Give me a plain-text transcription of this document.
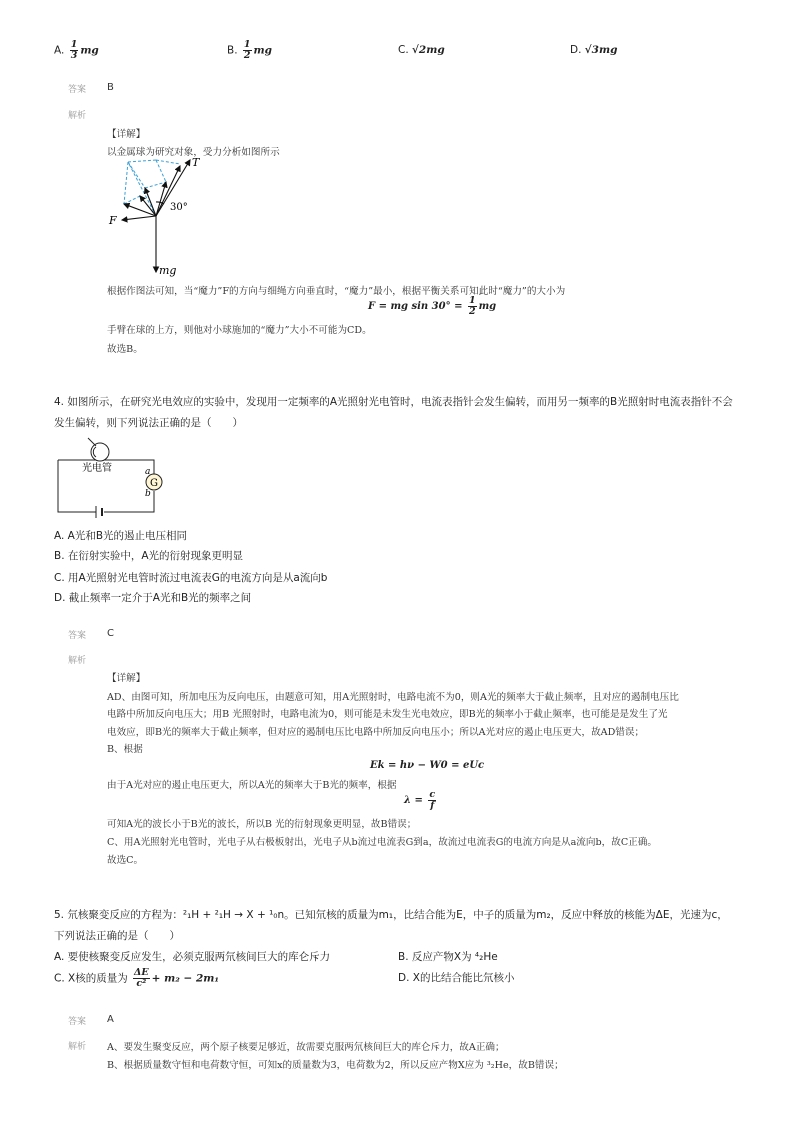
A. $\frac{1}{3}$ mg	B. $\frac{1}{2}$ mg	C. √2mg	D. √3mg
答案 B
解析
【详解】
以金属球为研究对象，受力分析如图所示
T
F
30°
mg
根据作图法可知，当“魔力”F的方向与细绳方向垂直时，“魔力”最小，根据平衡关系可知此时“魔力”的大小为
F = mg $\sin 30^\circ = \frac{1}{2}$ mg
手臂在球的上方，则他对小球施加的“魔力”大小不可能为CD。
故选B。
4. 如图所示，在研究光电效应的实验中，发现用一定频率的A光照射光电管时，电流表指针会发生偏转，而用另一频率的B光照射时电流表指针不会
发生偏转，则下列说法正确的是（　　）
光电管
G
a
b
A. A光和B光的遏止电压相同
B. 在衍射实验中，A光的衍射现象更明显
C. 用A光照射光电管时流过电流表G的电流方向是从a流向b
D. 截止频率一定介于A光和B光的频率之间
答案 C
解析
【详解】
AD、由图可知，所加电压为反向电压，由题意可知，用A光照射时，电路电流不为0，则A光的频率大于截止频率，且对应的遏制电压比
电路中所加反向电压大；用B 光照射时，电路电流为0，则可能是未发生光电效应，即B光的频率小于截止频率，也可能是是发生了光
电效应，即B光的频率大于截止频率，但对应的遏制电压比电路中所加反向电压小；所以A光对应的遏止电压更大，故AD错误；
B、根据
Ek = hν − W0 = eUc
由于A光对应的遏止电压更大，所以A光的频率大于B光的频率，根据
$\lambda = \frac{c}{f}$
可知A光的波长小于B光的波长，所以B 光的衍射现象更明显，故B错误；
C、用A光照射光电管时，光电子从右极板射出，光电子从b流过电流表G到a，故流过电流表G的电流方向是从a流向b，故C正确。
故选C。
5. 氘核聚变反应的方程为：²₁H + ²₁H → X + ¹₀n。已知氘核的质量为m₁，比结合能为E，中子的质量为m₂，反应中释放的核能为ΔE，光速为c，
下列说法正确的是（　　）
A. 要使核聚变反应发生，必须克服两氘核间巨大的库仑斥力	B. 反应产物X为 ⁴₂He
C. X核的质量为 $\frac{\Delta E}{\text{c²}} + m_2 - 2m_1$	D. X的比结合能比氘核小
答案 A
解析 A、要发生聚变反应，两个原子核要足够近，故需要克服两氘核间巨大的库仑斥力，故A正确；
B、根据质量数守恒和电荷数守恒，可知x的质量数为3，电荷数为2，所以反应产物X应为 ³₂He，故B错误；
